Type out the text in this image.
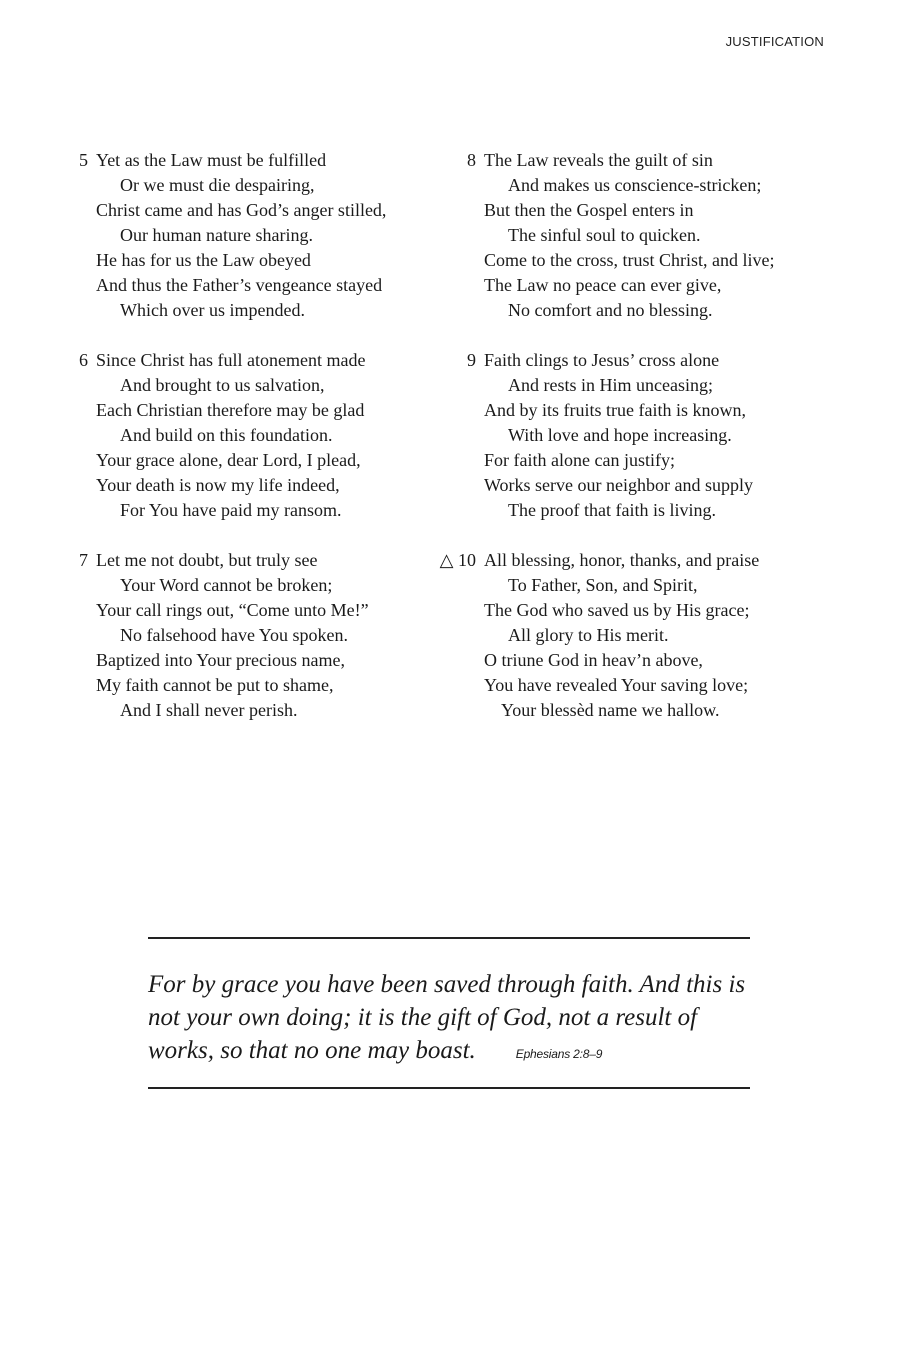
JUSTIFICATION
5 Yet as the Law must be fulfilled
Or we must die despairing,
Christ came and has God’s anger stilled,
Our human nature sharing.
He has for us the Law obeyed
And thus the Father’s vengeance stayed
Which over us impended.
6 Since Christ has full atonement made
And brought to us salvation,
Each Christian therefore may be glad
And build on this foundation.
Your grace alone, dear Lord, I plead,
Your death is now my life indeed,
For You have paid my ransom.
7 Let me not doubt, but truly see
Your Word cannot be broken;
Your call rings out, “Come unto Me!”
No falsehood have You spoken.
Baptized into Your precious name,
My faith cannot be put to shame,
And I shall never perish.
8 The Law reveals the guilt of sin
And makes us conscience-stricken;
But then the Gospel enters in
The sinful soul to quicken.
Come to the cross, trust Christ, and live;
The Law no peace can ever give,
No comfort and no blessing.
9 Faith clings to Jesus’ cross alone
And rests in Him unceasing;
And by its fruits true faith is known,
With love and hope increasing.
For faith alone can justify;
Works serve our neighbor and supply
The proof that faith is living.
△ 10 All blessing, honor, thanks, and praise
To Father, Son, and Spirit,
The God who saved us by His grace;
All glory to His merit.
O triune God in heav’n above,
You have revealed Your saving love;
Your blessèd name we hallow.
For by grace you have been saved through faith. And this is not your own doing; it is the gift of God, not a result of works, so that no one may boast.	Ephesians 2:8–9
